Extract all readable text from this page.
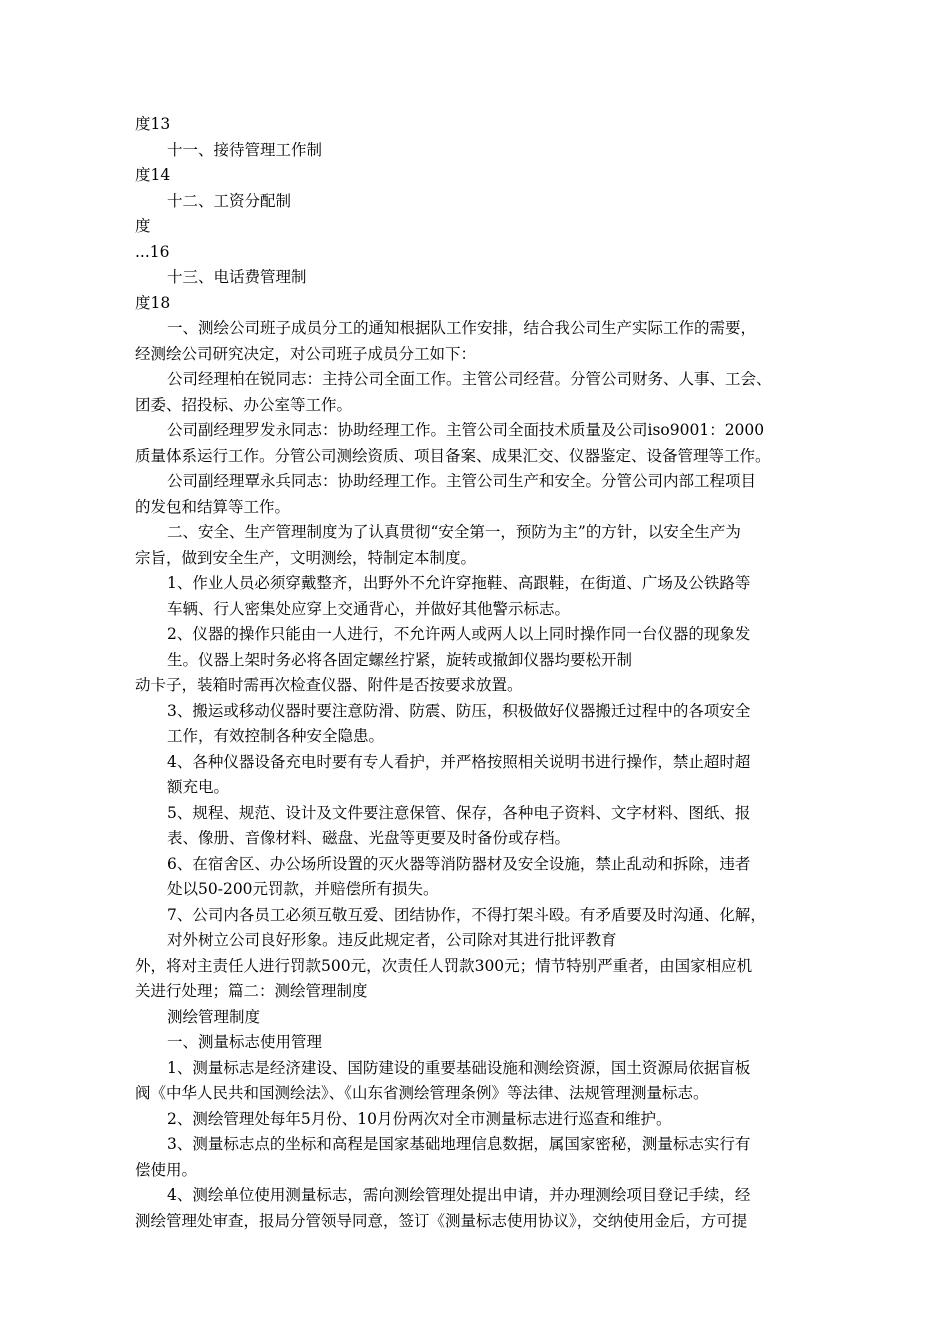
度13
十一、接待管理工作制
度14
十二、工资分配制
度
...16
十三、电话费管理制
度18
一、测绘公司班子成员分工的通知根据队工作安排，结合我公司生产实际工作的需要，
经测绘公司研究决定，对公司班子成员分工如下：
公司经理柏在锐同志：主持公司全面工作。主管公司经营。分管公司财务、人事、工会、
团委、招投标、办公室等工作。
公司副经理罗发永同志：协助经理工作。主管公司全面技术质量及公司iso9001：2000
质量体系运行工作。分管公司测绘资质、项目备案、成果汇交、仪器鉴定、设备管理等工作。
公司副经理覃永兵同志：协助经理工作。主管公司生产和安全。分管公司内部工程项目
的发包和结算等工作。
二、安全、生产管理制度为了认真贯彻“安全第一，预防为主”的方针，以安全生产为
宗旨，做到安全生产，文明测绘，特制定本制度。
1、作业人员必须穿戴整齐，出野外不允许穿拖鞋、高跟鞋，在街道、广场及公铁路等
车辆、行人密集处应穿上交通背心，并做好其他警示标志。
2、仪器的操作只能由一人进行，不允许两人或两人以上同时操作同一台仪器的现象发
生。仪器上架时务必将各固定螺丝拧紧，旋转或撤卸仪器均要松开制
动卡子，装箱时需再次检查仪器、附件是否按要求放置。
3、搬运或移动仪器时要注意防滑、防震、防压，积极做好仪器搬迁过程中的各项安全
工作，有效控制各种安全隐患。
4、各种仪器设备充电时要有专人看护，并严格按照相关说明书进行操作，禁止超时超
额充电。
5、规程、规范、设计及文件要注意保管、保存，各种电子资料、文字材料、图纸、报
表、像册、音像材料、磁盘、光盘等更要及时备份或存档。
6、在宿舍区、办公场所设置的灭火器等消防器材及安全设施，禁止乱动和拆除，违者
处以50-200元罚款，并赔偿所有损失。
7、公司内各员工必须互敬互爱、团结协作，不得打架斗殴。有矛盾要及时沟通、化解，
对外树立公司良好形象。违反此规定者，公司除对其进行批评教育
外，将对主责任人进行罚款500元，次责任人罚款300元；情节特别严重者，由国家相应机
关进行处理；篇二：测绘管理制度
测绘管理制度
一、测量标志使用管理
1、测量标志是经济建设、国防建设的重要基础设施和测绘资源，国土资源局依据盲板
阀《中华人民共和国测绘法》、《山东省测绘管理条例》等法律、法规管理测量标志。
2、测绘管理处每年5月份、10月份两次对全市测量标志进行巡查和维护。
3、测量标志点的坐标和高程是国家基础地理信息数据，属国家密秘，测量标志实行有
偿使用。
4、测绘单位使用测量标志，需向测绘管理处提出申请，并办理测绘项目登记手续，经
测绘管理处审查，报局分管领导同意，签订《测量标志使用协议》，交纳使用金后，方可提
